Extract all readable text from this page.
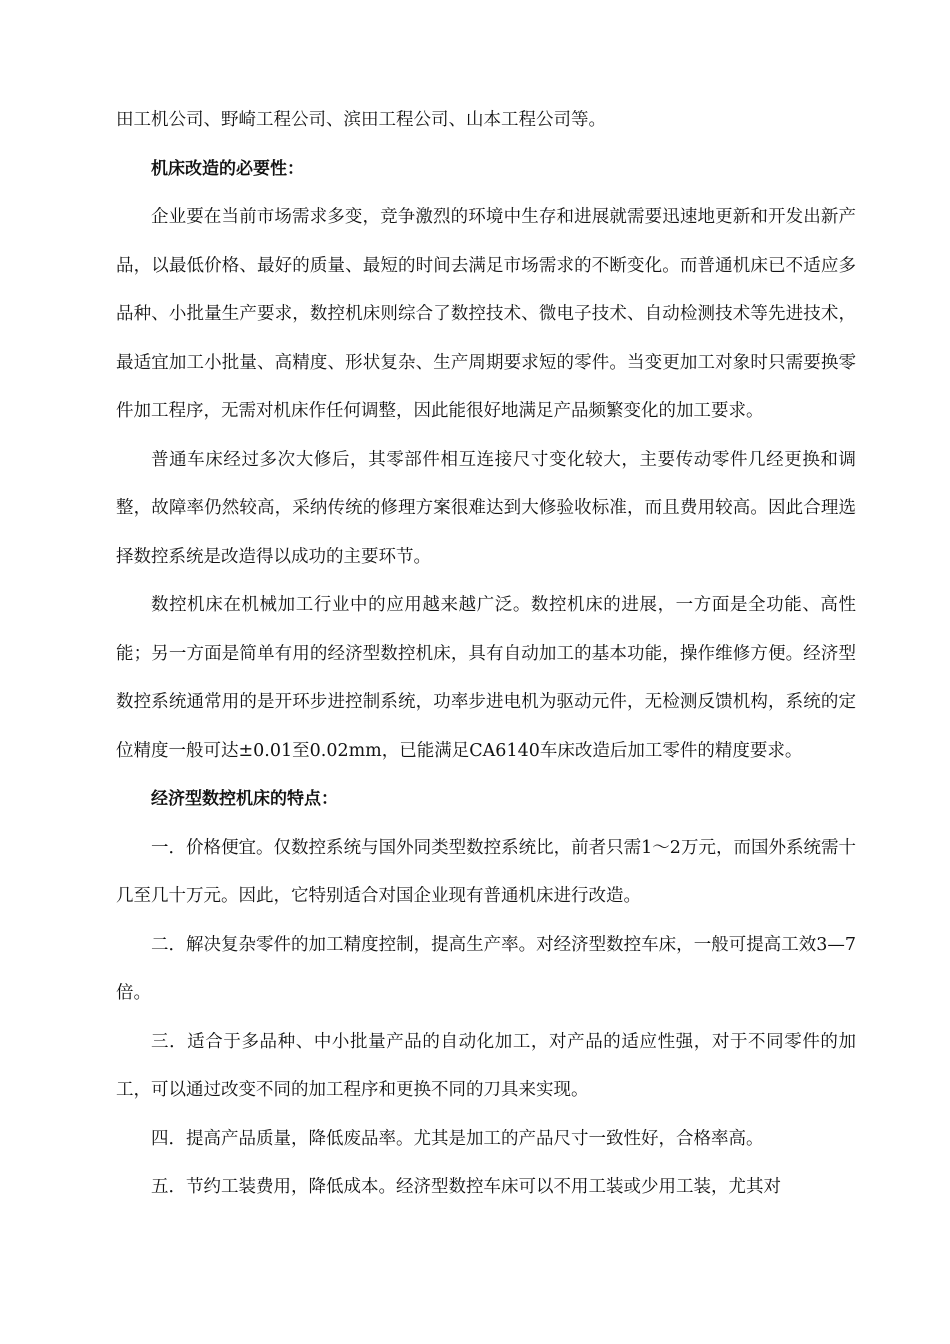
田工机公司、野崎工程公司、滨田工程公司、山本工程公司等。

机床改造的必要性：

企业要在当前市场需求多变，竞争激烈的环境中生存和进展就需要迅速地更新和开发出新产品，以最低价格、最好的质量、最短的时间去满足市场需求的不断变化。而普通机床已不适应多品种、小批量生产要求，数控机床则综合了数控技术、微电子技术、自动检测技术等先进技术，最适宜加工小批量、高精度、形状复杂、生产周期要求短的零件。当变更加工对象时只需要换零件加工程序，无需对机床作任何调整，因此能很好地满足产品频繁变化的加工要求。

普通车床经过多次大修后，其零部件相互连接尺寸变化较大，主要传动零件几经更换和调整，故障率仍然较高，采纳传统的修理方案很难达到大修验收标准，而且费用较高。因此合理选择数控系统是改造得以成功的主要环节。

数控机床在机械加工行业中的应用越来越广泛。数控机床的进展，一方面是全功能、高性能；另一方面是简单有用的经济型数控机床，具有自动加工的基本功能，操作维修方便。经济型数控系统通常用的是开环步进控制系统，功率步进电机为驱动元件，无检测反馈机构，系统的定位精度一般可达±0.01至0.02mm，已能满足CA6140车床改造后加工零件的精度要求。

经济型数控机床的特点：

一．价格便宜。仅数控系统与国外同类型数控系统比，前者只需1～2万元，而国外系统需十几至几十万元。因此，它特别适合对国企业现有普通机床进行改造。

二．解决复杂零件的加工精度控制，提高生产率。对经济型数控车床，一般可提高工效3—7倍。

三．适合于多品种、中小批量产品的自动化加工，对产品的适应性强，对于不同零件的加工，可以通过改变不同的加工程序和更换不同的刀具来实现。

四．提高产品质量，降低废品率。尤其是加工的产品尺寸一致性好，合格率高。

五．节约工装费用，降低成本。经济型数控车床可以不用工装或少用工装，尤其对
